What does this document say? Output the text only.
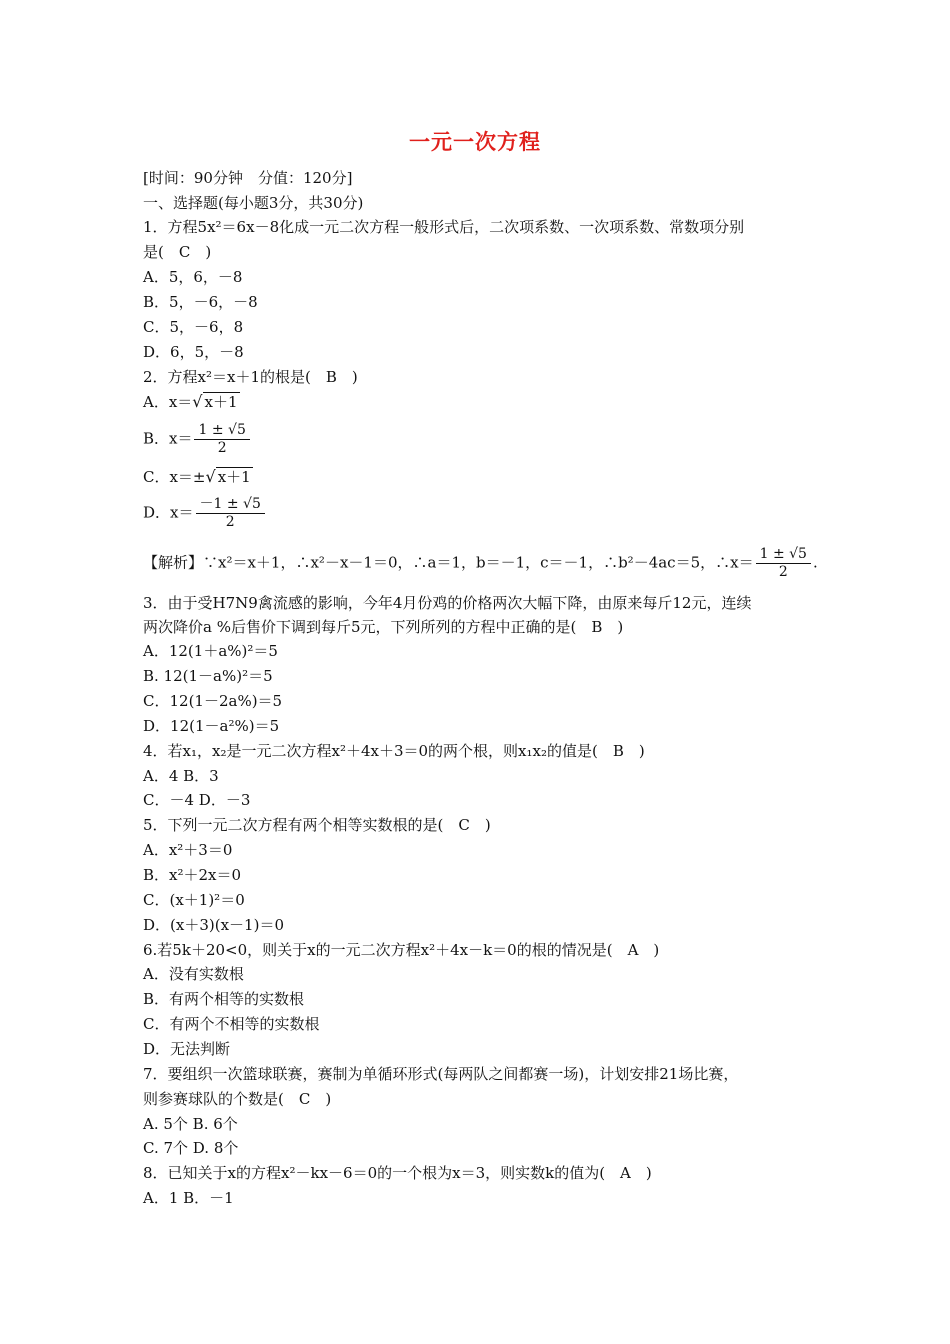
一元一次方程
[时间：90分钟　分值：120分]
一、选择题(每小题3分，共30分)
1．方程5x²＝6x－8化成一元二次方程一般形式后，二次项系数、一次项系数、常数项分别
是(　C　)
A．5，6，－8
B．5，－6，－8
C．5，－6，8
D．6，5，－8
2．方程x²＝x＋1的根是(　B　)
A．x＝√ x＋1
B．$x= \frac{1 \pm √5}{2}$
C．x＝±√ x＋1
D．$x= \frac{-1 \pm √5}{2}$
【解析】∵x²＝x＋1，∴x²－x－1＝0，∴a＝1，b＝－1，c＝－1，∴b²－4ac＝5，∴x＝ $\frac{1 \pm √5}{2}$ .
3．由于受H7N9禽流感的影响，今年4月份鸡的价格两次大幅下降，由原来每斤12元，连续
两次降价a %后售价下调到每斤5元，下列所列的方程中正确的是(　B　)
A．12(1＋a%)²＝5
B. 12(1－a%)²＝5
C．12(1－2a%)＝5
D．12(1－a²%)＝5
4．若x₁，x₂是一元二次方程x²＋4x＋3＝0的两个根，则x₁x₂的值是(　B　)
A．4 B．3
C．－4 D．－3
5．下列一元二次方程有两个相等实数根的是(　C　)
A．x²＋3＝0
B．x²＋2x＝0
C．(x＋1)²＝0
D．(x＋3)(x－1)＝0
6.若5k＋20<0，则关于x的一元二次方程x²＋4x－k＝0的根的情况是(　A　)
A．没有实数根
B．有两个相等的实数根
C．有两个不相等的实数根
D．无法判断
7．要组织一次篮球联赛，赛制为单循环形式(每两队之间都赛一场)，计划安排21场比赛，
则参赛球队的个数是(　C　)
A. 5个 B. 6个
C. 7个 D. 8个
8．已知关于x的方程x²－kx－6＝0的一个根为x＝3，则实数k的值为(　A　)
A．1 B．－1
